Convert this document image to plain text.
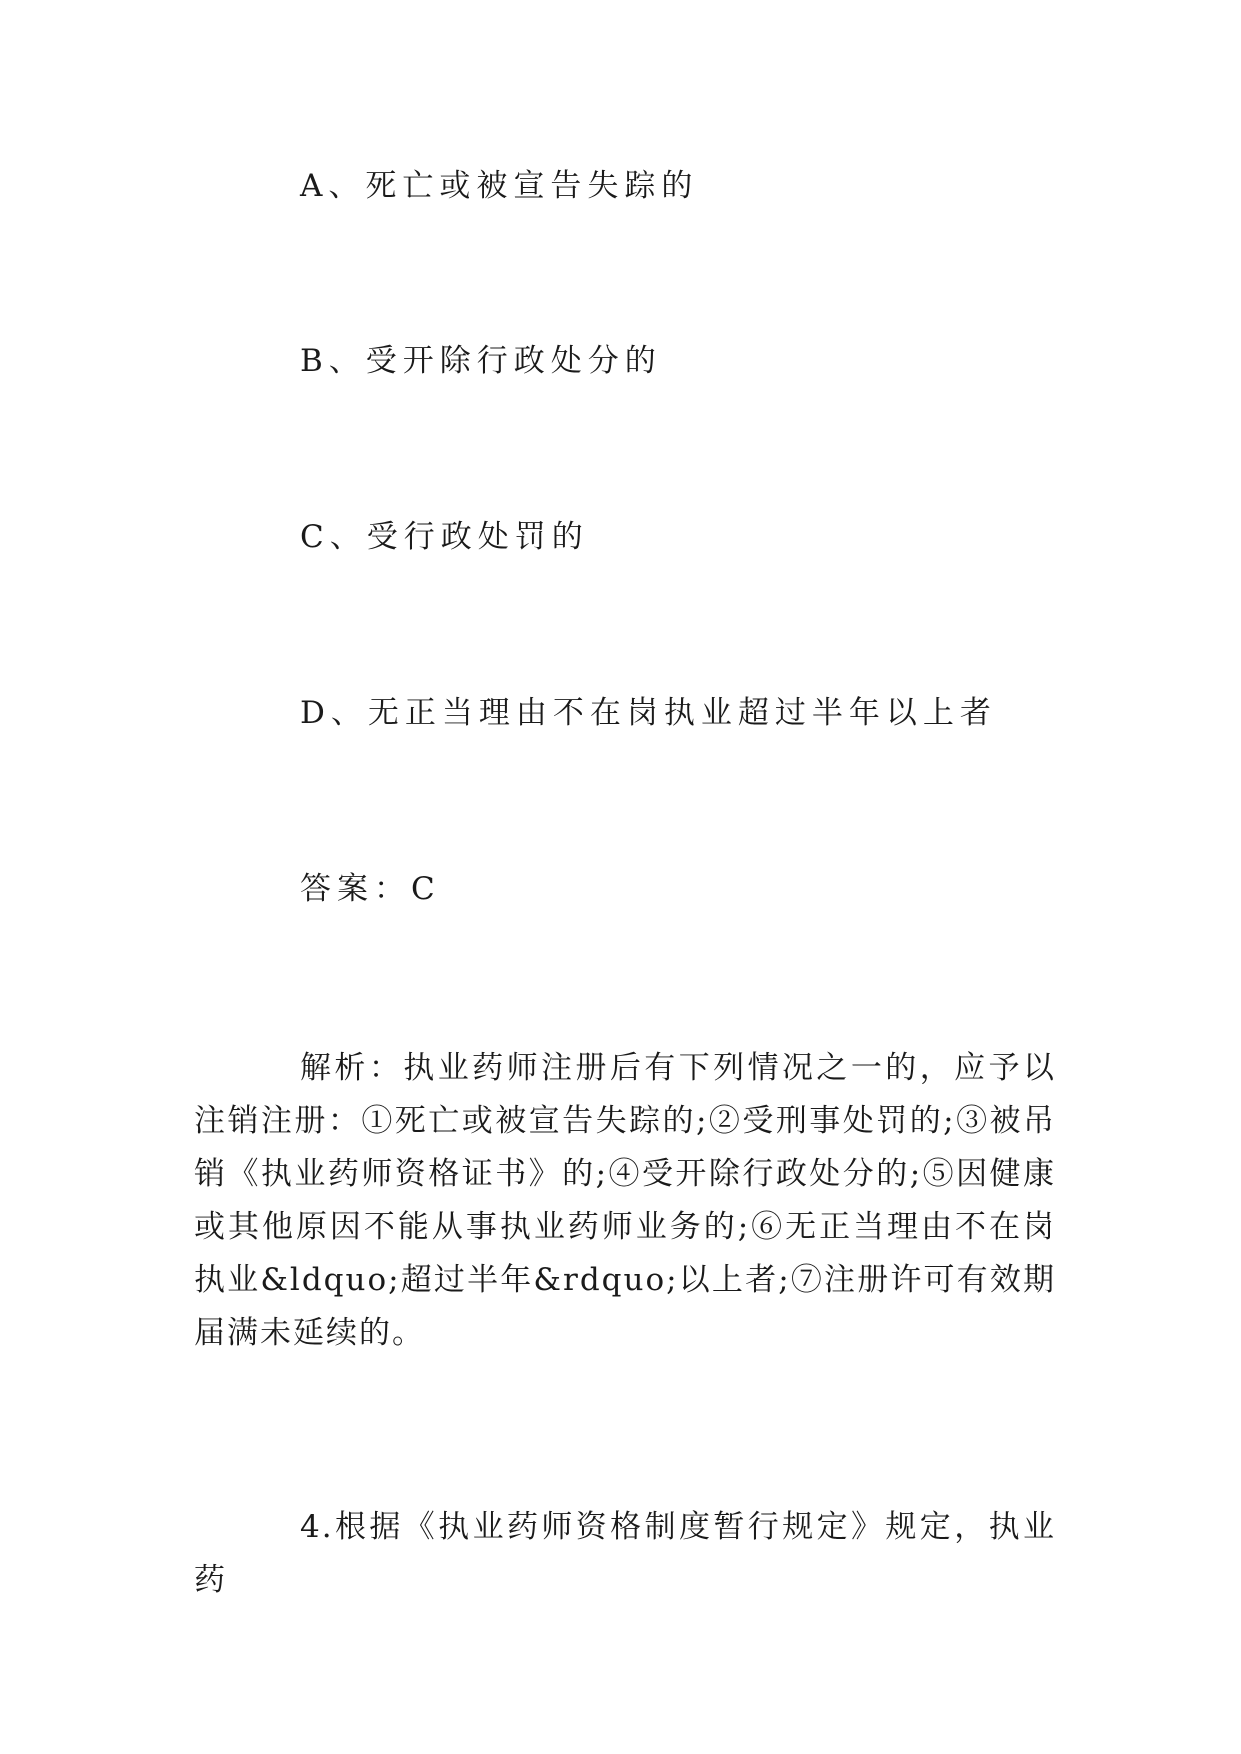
A、死亡或被宣告失踪的
B、受开除行政处分的
C、受行政处罚的
D、无正当理由不在岗执业超过半年以上者
答案：C
解析：执业药师注册后有下列情况之一的，应予以注销注册：①死亡或被宣告失踪的;②受刑事处罚的;③被吊销《执业药师资格证书》的;④受开除行政处分的;⑤因健康或其他原因不能从事执业药师业务的;⑥无正当理由不在岗执业&ldquo;超过半年&rdquo;以上者;⑦注册许可有效期届满未延续的。
4.根据《执业药师资格制度暂行规定》规定，执业药
